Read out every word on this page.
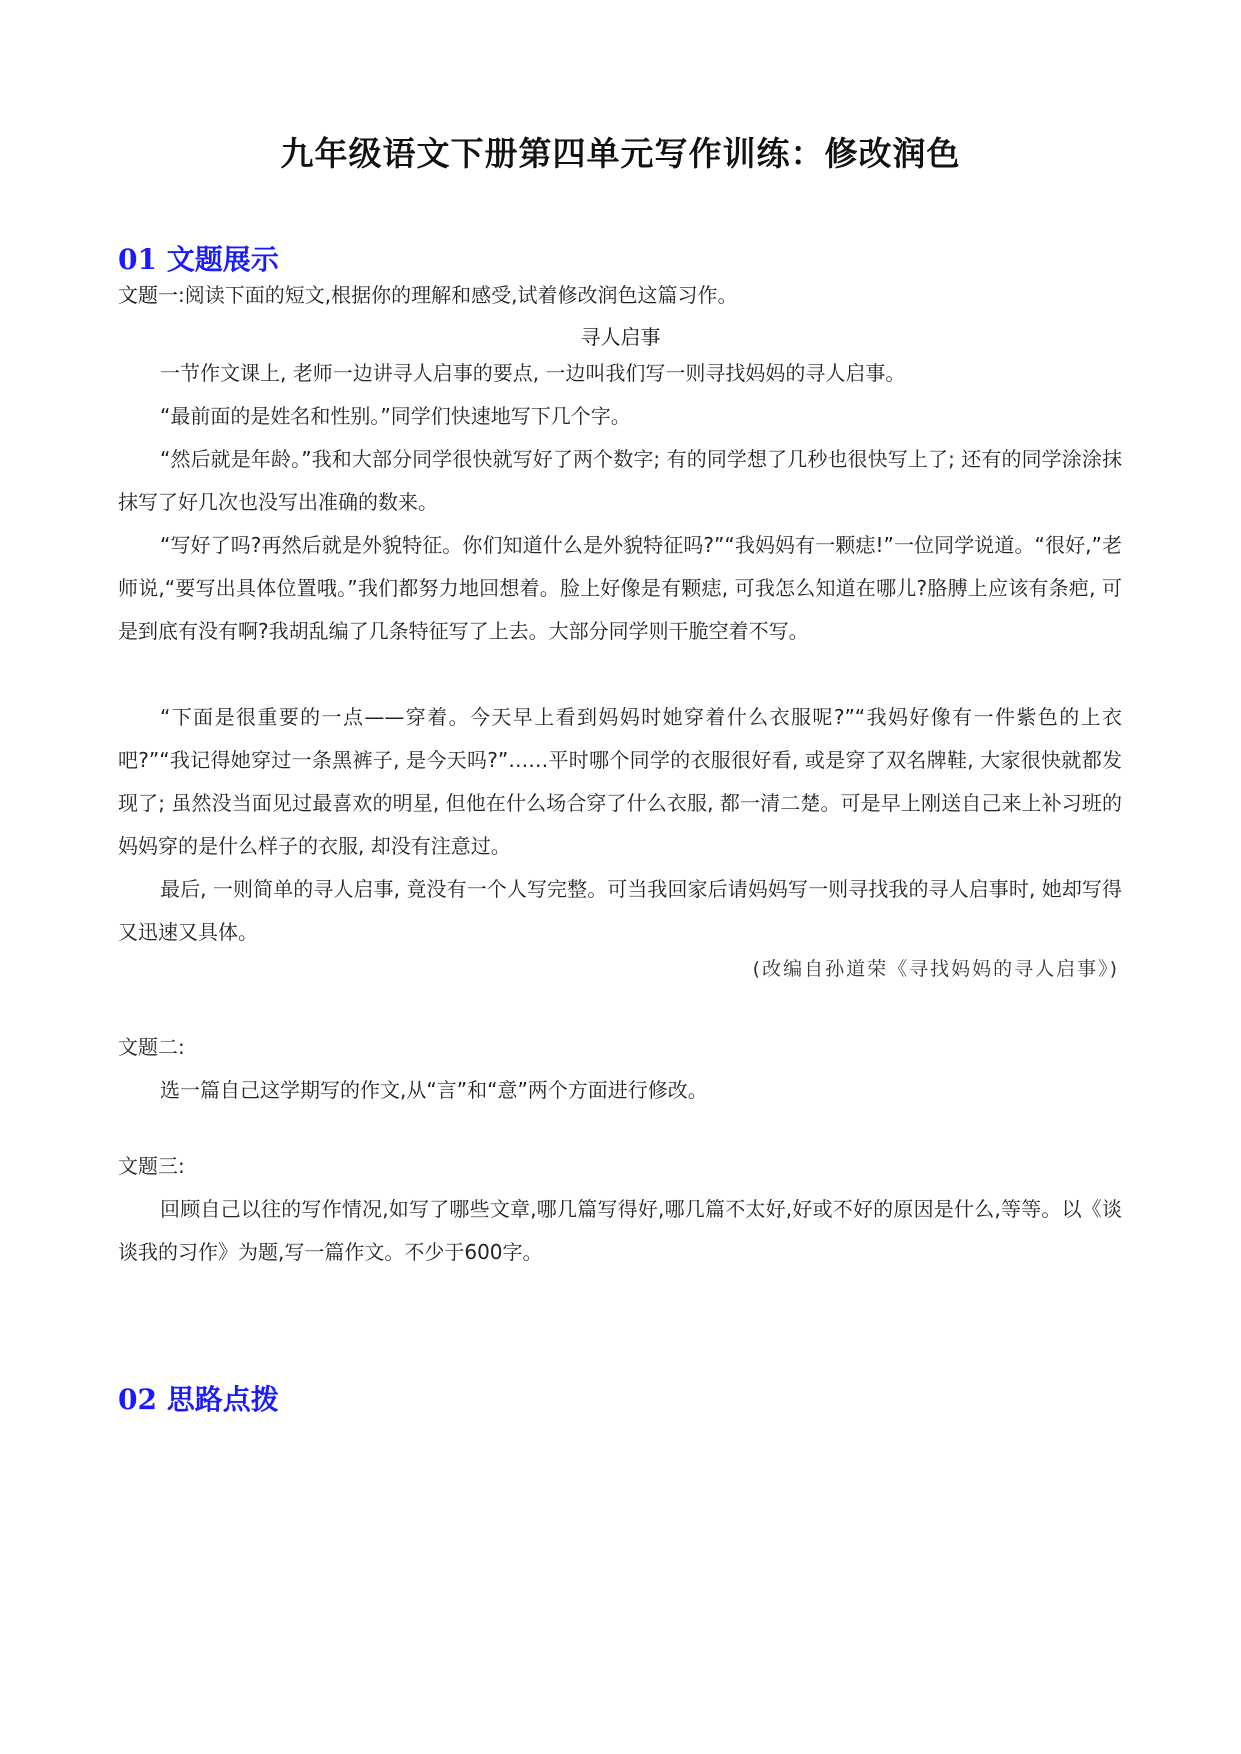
九年级语文下册第四单元写作训练：修改润色
01 文题展示

文题一:阅读下面的短文,根据你的理解和感受,试着修改润色这篇习作。

寻人启事

一节作文课上, 老师一边讲寻人启事的要点, 一边叫我们写一则寻找妈妈的寻人启事。

“最前面的是姓名和性别。”同学们快速地写下几个字。

“然后就是年龄。”我和大部分同学很快就写好了两个数字; 有的同学想了几秒也很快写上了; 还有的同学涂涂抹抹写了好几次也没写出准确的数来。

“写好了吗?再然后就是外貌特征。你们知道什么是外貌特征吗?”“我妈妈有一颗痣!”一位同学说道。“很好,”老师说,“要写出具体位置哦。”我们都努力地回想着。脸上好像是有颗痣, 可我怎么知道在哪儿?胳膊上应该有条疤, 可是到底有没有啊?我胡乱编了几条特征写了上去。大部分同学则干脆空着不写。

“下面是很重要的一点——穿着。今天早上看到妈妈时她穿着什么衣服呢?”“我妈好像有一件紫色的上衣吧?”“我记得她穿过一条黑裤子, 是今天吗?”……平时哪个同学的衣服很好看, 或是穿了双名牌鞋, 大家很快就都发现了; 虽然没当面见过最喜欢的明星, 但他在什么场合穿了什么衣服, 都一清二楚。可是早上刚送自己来上补习班的妈妈穿的是什么样子的衣服, 却没有注意过。

最后, 一则简单的寻人启事, 竟没有一个人写完整。可当我回家后请妈妈写一则寻找我的寻人启事时, 她却写得又迅速又具体。

(改编自孙道荣《寻找妈妈的寻人启事》)

文题二:

选一篇自己这学期写的作文,从“言”和“意”两个方面进行修改。

文题三:

回顾自己以往的写作情况,如写了哪些文章,哪几篇写得好,哪几篇不太好,好或不好的原因是什么,等等。以《谈谈我的习作》为题,写一篇作文。不少于600字。

02 思路点拨
